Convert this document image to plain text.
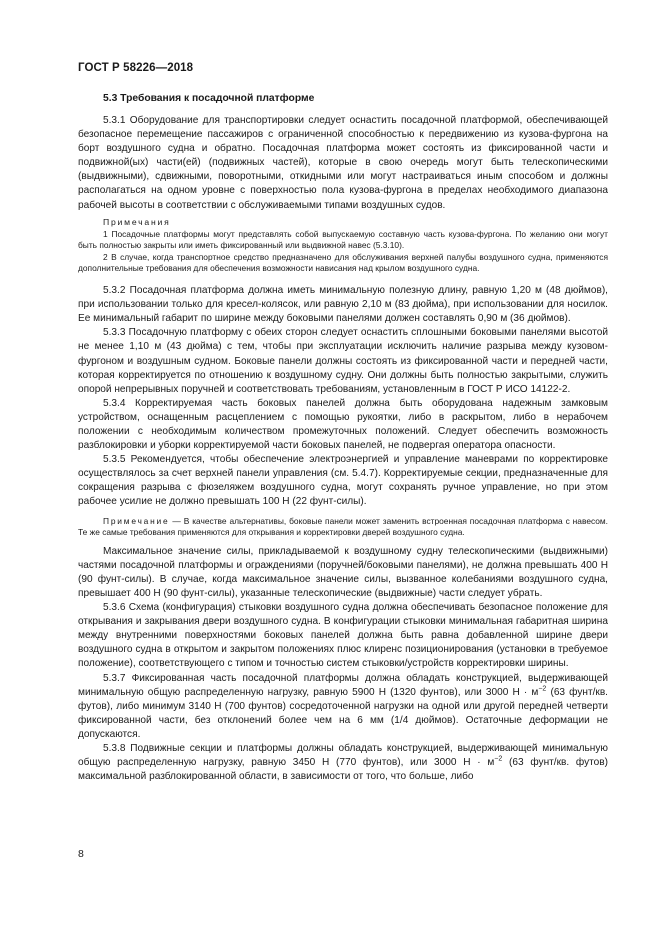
ГОСТ Р 58226—2018
5.3 Требования к посадочной платформе

5.3.1 Оборудование для транспортировки следует оснастить посадочной платформой, обеспечивающей безопасное перемещение пассажиров с ограниченной способностью к передвижению из кузова-фургона на борт воздушного судна и обратно. Посадочная платформа может состоять из фиксированной части и подвижной(ых) части(ей) (подвижных частей), которые в свою очередь могут быть телескопическими (выдвижными), сдвижными, поворотными, откидными или могут настраиваться иным способом и должны располагаться на одном уровне с поверхностью пола кузова-фургона в пределах необходимого диапазона рабочей высоты в соответствии с обслуживаемыми типами воздушных судов.

Примечания

1 Посадочные платформы могут представлять собой выпускаемую составную часть кузова-фургона. По желанию они могут быть полностью закрыты или иметь фиксированный или выдвижной навес (5.3.10).

2 В случае, когда транспортное средство предназначено для обслуживания верхней палубы воздушного судна, применяются дополнительные требования для обеспечения возможности нависания над крылом воздушного судна.

5.3.2 Посадочная платформа должна иметь минимальную полезную длину, равную 1,20 м (48 дюймов), при использовании только для кресел-колясок, или равную 2,10 м (83 дюйма), при использовании для носилок. Ее минимальный габарит по ширине между боковыми панелями должен составлять 0,90 м (36 дюймов).

5.3.3 Посадочную платформу с обеих сторон следует оснастить сплошными боковыми панелями высотой не менее 1,10 м (43 дюйма) с тем, чтобы при эксплуатации исключить наличие разрыва между кузовом-фургоном и воздушным судном. Боковые панели должны состоять из фиксированной части и передней части, которая корректируется по отношению к воздушному судну. Они должны быть полностью закрытыми, служить опорой непрерывных поручней и соответствовать требованиям, установленным в ГОСТ Р ИСО 14122-2.

5.3.4 Корректируемая часть боковых панелей должна быть оборудована надежным замковым устройством, оснащенным расцеплением с помощью рукоятки, либо в раскрытом, либо в нерабочем положении с необходимым количеством промежуточных положений. Следует обеспечить возможность разблокировки и уборки корректируемой части боковых панелей, не подвергая оператора опасности.

5.3.5 Рекомендуется, чтобы обеспечение электроэнергией и управление маневрами по корректировке осуществлялось за счет верхней панели управления (см. 5.4.7). Корректируемые секции, предназначенные для сокращения разрыва с фюзеляжем воздушного судна, могут сохранять ручное управление, но при этом рабочее усилие не должно превышать 100 Н (22 фунт-силы).

Примечание — В качестве альтернативы, боковые панели может заменить встроенная посадочная платформа с навесом. Те же самые требования применяются для открывания и корректировки дверей воздушного судна.

Максимальное значение силы, прикладываемой к воздушному судну телескопическими (выдвижными) частями посадочной платформы и ограждениями (поручней/боковыми панелями), не должна превышать 400 Н (90 фунт-силы). В случае, когда максимальное значение силы, вызванное колебаниями воздушного судна, превышает 400 Н (90 фунт-силы), указанные телескопические (выдвижные) части следует убрать.

5.3.6 Схема (конфигурация) стыковки воздушного судна должна обеспечивать безопасное положение для открывания и закрывания двери воздушного судна. В конфигурации стыковки минимальная габаритная ширина между внутренними поверхностями боковых панелей должна быть равна добавленной ширине двери воздушного судна в открытом и закрытом положениях плюс клиренс позиционирования (установки в требуемое положение), соответствующего с типом и точностью систем стыковки/устройств корректировки ширины.

5.3.7 Фиксированная часть посадочной платформы должна обладать конструкцией, выдерживающей минимальную общую распределенную нагрузку, равную 5900 Н (1320 фунтов), или 3000 $Н \cdot м^{-2}$ (63 фунт/кв. футов), либо минимум 3140 Н (700 фунтов) сосредоточенной нагрузки на одной или другой передней четверти фиксированной части, без отклонений более чем на 6 мм (1/4 дюймов). Остаточные деформации не допускаются.

5.3.8 Подвижные секции и платформы должны обладать конструкцией, выдерживающей минимальную общую распределенную нагрузку, равную 3450 Н (770 фунтов), или 3000 $Н \cdot м^{-2}$ (63 фунт/кв. футов) максимальной разблокированной области, в зависимости от того, что больше, либо

8
